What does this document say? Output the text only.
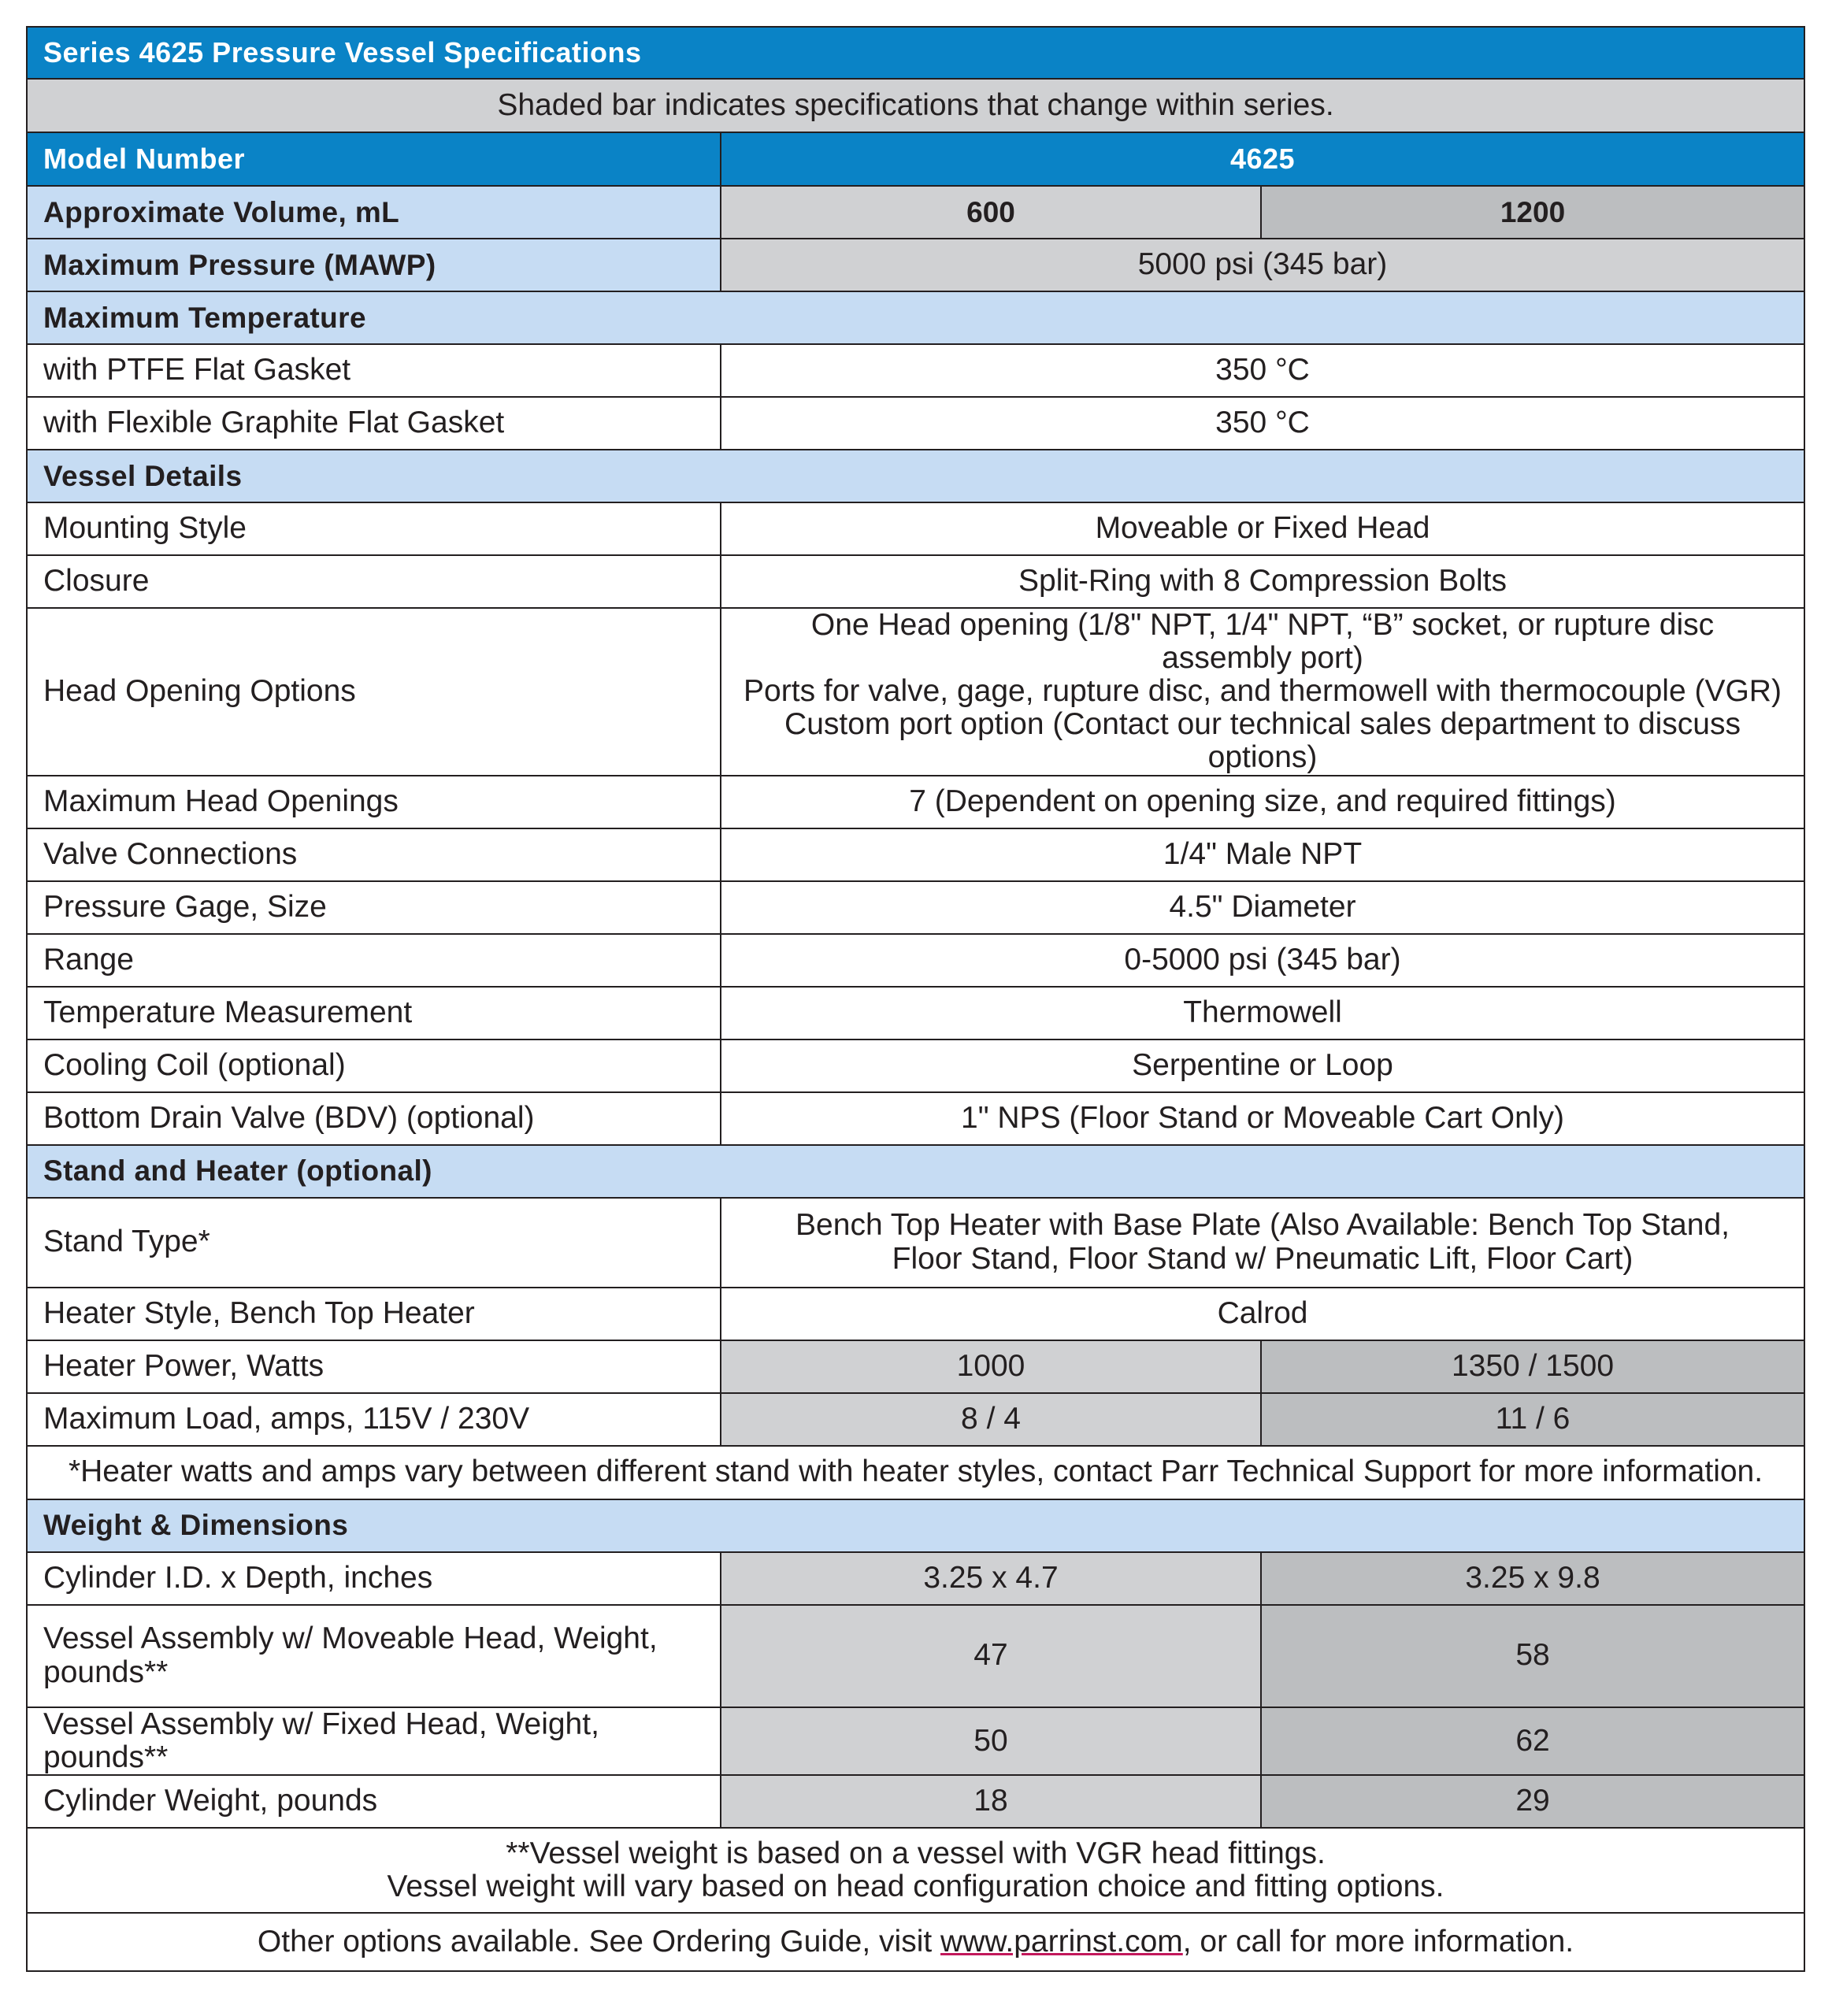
Series 4625 Pressure Vessel Specifications		
Shaded bar indicates specifications that change within series.		
Model Number	4625	
Approximate Volume, mL	600	1200
Maximum Pressure (MAWP)	5000 psi (345 bar)	
Maximum Temperature		
with PTFE Flat Gasket	350 °C	
with Flexible Graphite Flat Gasket	350 °C	
Vessel Details		
Mounting Style	Moveable or Fixed Head	
Closure	Split-Ring with 8 Compression Bolts	
Head Opening Options	One Head opening (1/8" NPT, 1/4" NPT, “B” socket, or rupture disc
assembly port)
Ports for valve, gage, rupture disc, and thermowell with thermocouple (VGR)
Custom port option (Contact our technical sales department to discuss options)	

Maximum Head Openings	7 (Dependent on opening size, and required fittings)	
Valve Connections	1/4" Male NPT	
Pressure Gage, Size	4.5" Diameter	
Range	0-5000 psi (345 bar)	
Temperature Measurement	Thermowell	
Cooling Coil (optional)	Serpentine or Loop	
Bottom Drain Valve (BDV) (optional)	1" NPS (Floor Stand or Moveable Cart Only)	
Stand and Heater (optional)		
Stand Type*	Bench Top Heater with Base Plate (Also Available: Bench Top Stand,
Floor Stand, Floor Stand w/ Pneumatic Lift, Floor Cart)	

Heater Style, Bench Top Heater	Calrod	
Heater Power, Watts	1000	1350 / 1500
Maximum Load, amps, 115V / 230V	8 / 4	11 / 6
*Heater watts and amps vary between different stand with heater styles, contact Parr Technical Support for more information.		
Weight & Dimensions		
Cylinder I.D. x Depth, inches	3.25 x 4.7	3.25 x 9.8

Vessel Assembly w/ Moveable Head, Weight,
pounds**	47	58
Vessel Assembly w/ Fixed Head, Weight, pounds**	50	62
Cylinder Weight, pounds	18	29

**Vessel weight is based on a vessel with VGR head fittings.
Vessel weight will vary based on head configuration choice and fitting options.		

Other options available. See Ordering Guide, visit www.parrinst.com, or call for more information.		
